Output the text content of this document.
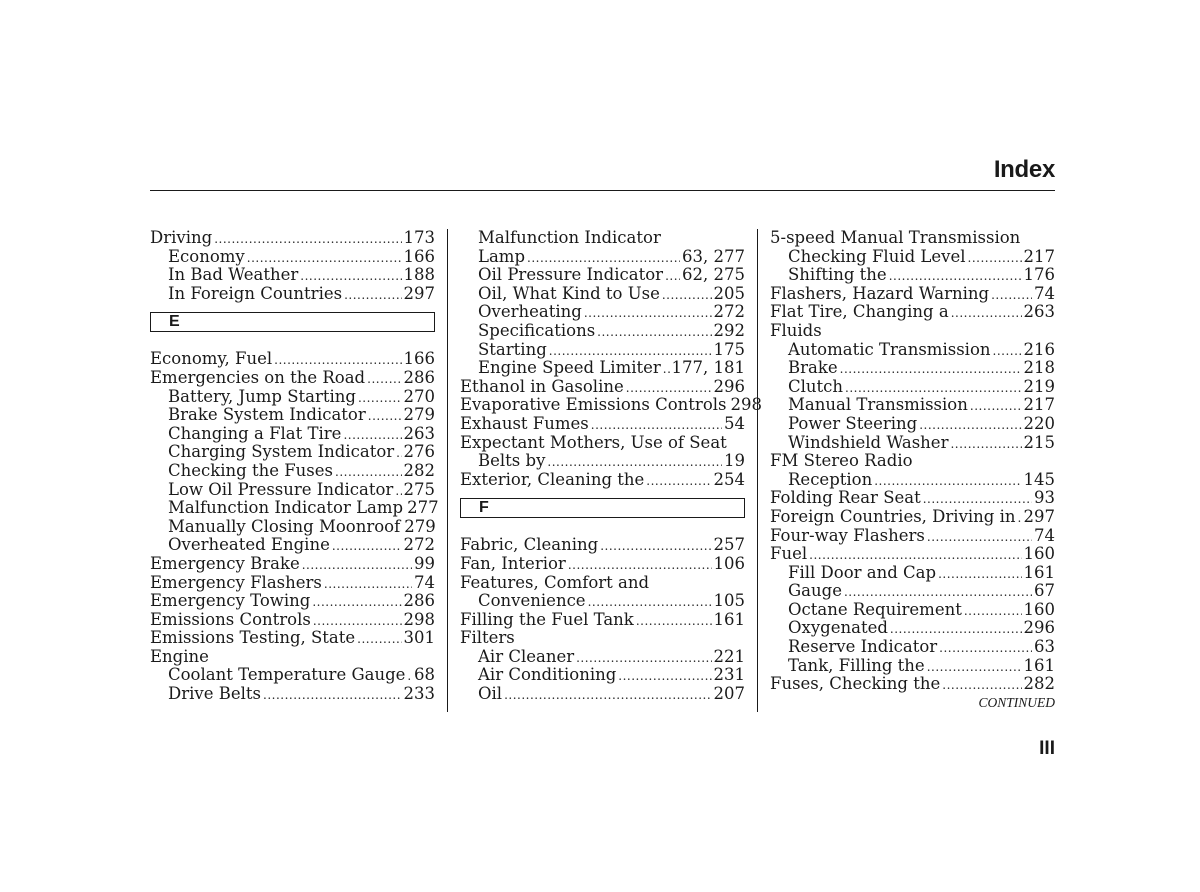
Index
Driving .....	173
Economy .....	166
In Bad Weather .....	188
In Foreign Countries .....	297
E
Economy, Fuel .....	166
Emergencies on the Road ..... 286
Battery, Jump Starting .....	270
Brake System Indicator ..... 279
Changing a Flat Tire .....	263
Charging System Indicator ..... 276
Checking the Fuses .....	282
Low Oil Pressure Indicator ..... 275
Malfunction Indicator Lamp 277
Manually Closing Moonroof 279
Overheated Engine .....	272
Emergency Brake .....	99
Emergency Flashers .....	74
Emergency Towing .....	286
Emissions Controls .....	298
Emissions Testing, State .....	301
Engine
Coolant Temperature Gauge ..... 68
Drive Belts .....	233
Malfunction Indicator
Lamp .....	63, 277
Oil Pressure Indicator ..... 62, 275
Oil, What Kind to Use .....	205
Overheating .....	272
Specifications .....	292
Starting .....	175
Engine Speed Limiter ..... 177, 181
Ethanol in Gasoline .....	296
Evaporative Emissions Controls 298
Exhaust Fumes .....	54
Expectant Mothers, Use of Seat
Belts by .....	19
Exterior, Cleaning the .....	254
F
Fabric, Cleaning .....	257
Fan, Interior .....	106
Features, Comfort and
Convenience .....	105
Filling the Fuel Tank .....	161
Filters
Air Cleaner .....	221
Air Conditioning .....	231
Oil .....	207
5-speed Manual Transmission
Checking Fluid Level .....	217
Shifting the .....	176
Flashers, Hazard Warning .....	74
Flat Tire, Changing a .....	263
Fluids
Automatic Transmission ..... 216
Brake .....	218
Clutch .....	219
Manual Transmission .....	217
Power Steering .....	220
Windshield Washer .....	215
FM Stereo Radio
Reception .....	145
Folding Rear Seat .....	93
Foreign Countries, Driving in ..... 297
Four-way Flashers .....	74
Fuel .....	160
Fill Door and Cap .....	161
Gauge .....	67
Octane Requirement .....	160
Oxygenated .....	296
Reserve Indicator .....	63
Tank, Filling the .....	161
Fuses, Checking the .....	282
CONTINUED
III
